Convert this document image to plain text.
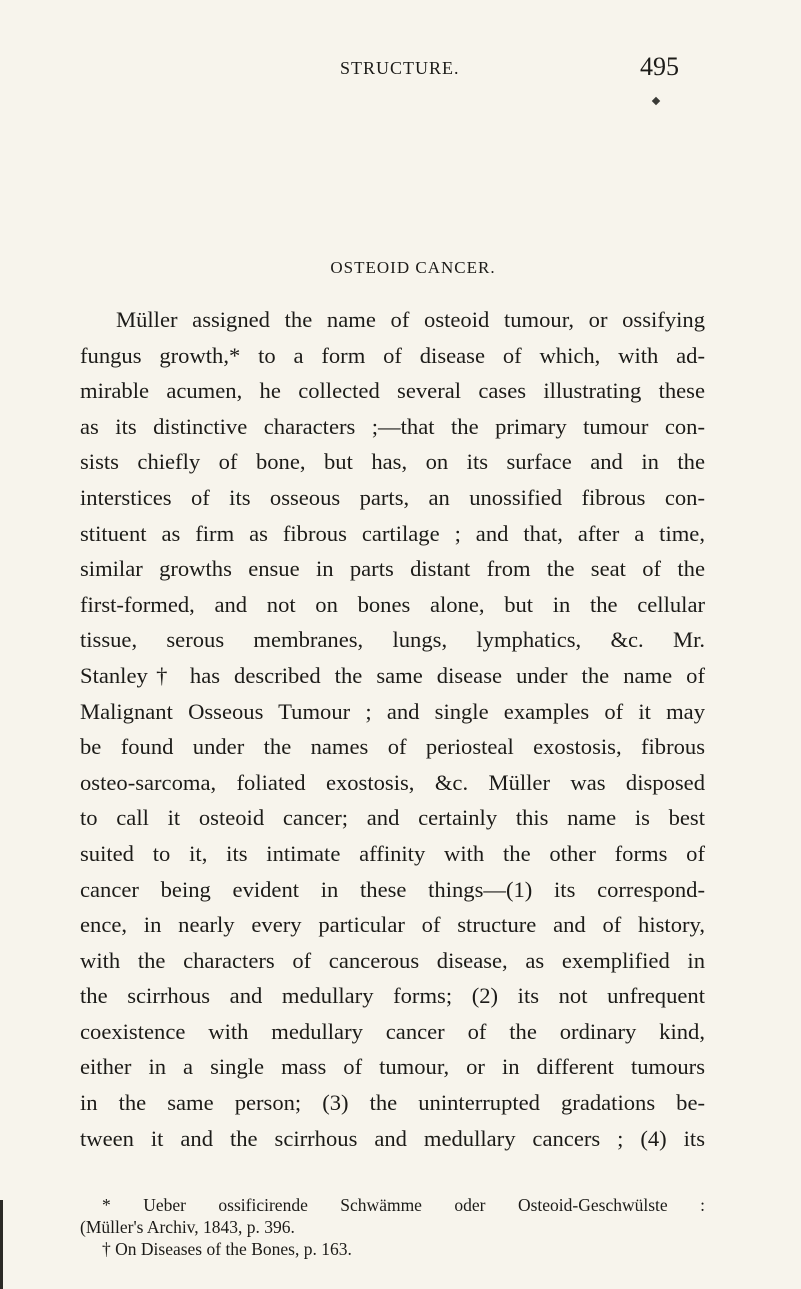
STRUCTURE.	495
OSTEOID CANCER.
Müller assigned the name of osteoid tumour, or ossifying
fungus growth,* to a form of disease of which, with ad-
mirable acumen, he collected several cases illustrating these
as its distinctive characters ;—that the primary tumour con-
sists chiefly of bone, but has, on its surface and in the
interstices of its osseous parts, an unossified fibrous con-
stituent as firm as fibrous cartilage ; and that, after a time,
similar growths ensue in parts distant from the seat of the
first-formed, and not on bones alone, but in the cellular
tissue, serous membranes, lungs, lymphatics, &c. Mr.
Stanley† has described the same disease under the name of
Malignant Osseous Tumour ; and single examples of it may
be found under the names of periosteal exostosis, fibrous
osteo-sarcoma, foliated exostosis, &c. Müller was disposed
to call it osteoid cancer; and certainly this name is best
suited to it, its intimate affinity with the other forms of
cancer being evident in these things—(1) its correspond-
ence, in nearly every particular of structure and of history,
with the characters of cancerous disease, as exemplified in
the scirrhous and medullary forms; (2) its not unfrequent
coexistence with medullary cancer of the ordinary kind,
either in a single mass of tumour, or in different tumours
in the same person; (3) the uninterrupted gradations be-
tween it and the scirrhous and medullary cancers ; (4) its
* Ueber ossificirende Schwämme oder Osteoid-Geschwülste :
(Müller's Archiv, 1843, p. 396.
† On Diseases of the Bones, p. 163.
